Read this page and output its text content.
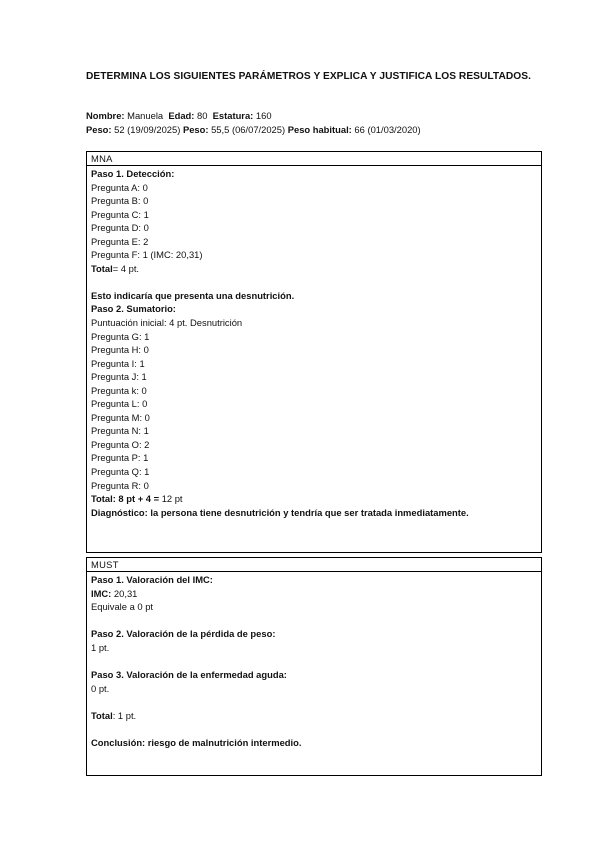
DETERMINA LOS SIGUIENTES PARÁMETROS Y EXPLICA Y JUSTIFICA LOS RESULTADOS.
Nombre: Manuela Edad: 80 Estatura: 160
Peso: 52 (19/09/2025) Peso: 55,5 (06/07/2025) Peso habitual: 66 (01/03/2020)
MNA
Paso 1. Detección:
Pregunta A: 0
Pregunta B: 0
Pregunta C: 1
Pregunta D: 0
Pregunta E: 2
Pregunta F: 1 (IMC: 20,31)
Total= 4 pt.
Esto indicaría que presenta una desnutrición.
Paso 2. Sumatorio:
Puntuación inicial: 4 pt. Desnutrición
Pregunta G: 1
Pregunta H: 0
Pregunta I: 1
Pregunta J: 1
Pregunta k: 0
Pregunta L: 0
Pregunta M: 0
Pregunta N: 1
Pregunta O: 2
Pregunta P: 1
Pregunta Q: 1
Pregunta R: 0
Total: 8 pt + 4 = 12 pt
Diagnóstico: la persona tiene desnutrición y tendría que ser tratada inmediatamente.
MUST
Paso 1. Valoración del IMC:
IMC: 20,31
Equivale a 0 pt
Paso 2. Valoración de la pérdida de peso:
1 pt.
Paso 3. Valoración de la enfermedad aguda:
0 pt.
Total: 1 pt.
Conclusión: riesgo de malnutrición intermedio.
